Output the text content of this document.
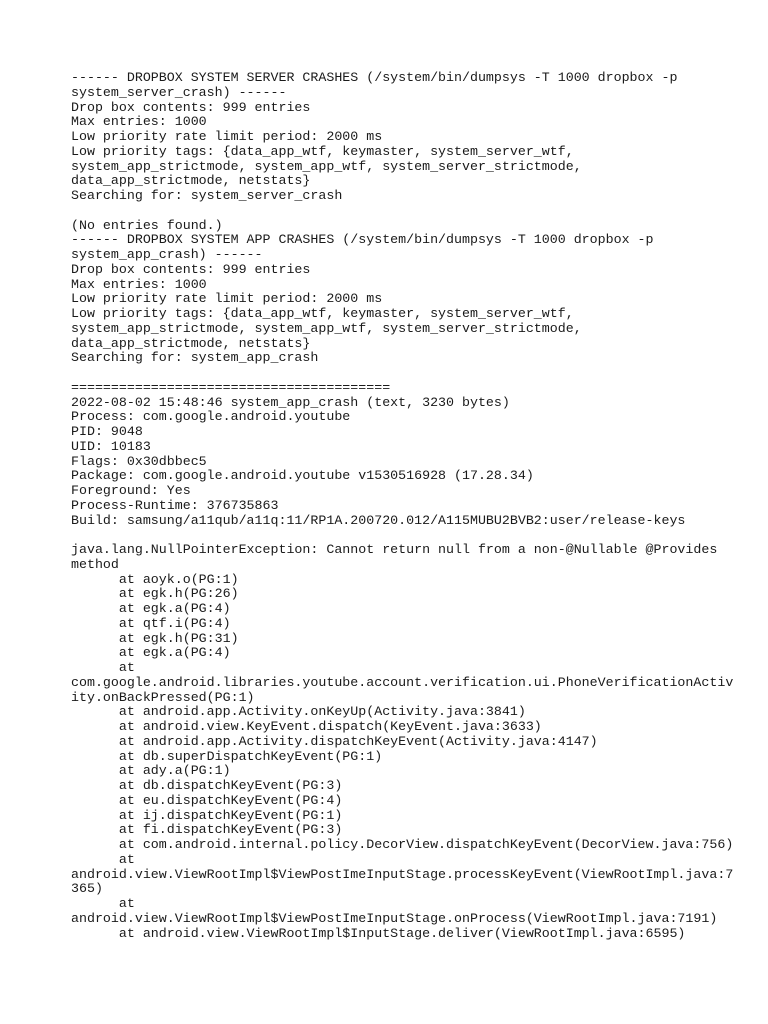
------ DROPBOX SYSTEM SERVER CRASHES (/system/bin/dumpsys -T 1000 dropbox -p
system_server_crash) ------
Drop box contents: 999 entries
Max entries: 1000
Low priority rate limit period: 2000 ms
Low priority tags: {data_app_wtf, keymaster, system_server_wtf,
system_app_strictmode, system_app_wtf, system_server_strictmode,
data_app_strictmode, netstats}
Searching for: system_server_crash
(No entries found.)
------ DROPBOX SYSTEM APP CRASHES (/system/bin/dumpsys -T 1000 dropbox -p
system_app_crash) ------
Drop box contents: 999 entries
Max entries: 1000
Low priority rate limit period: 2000 ms
Low priority tags: {data_app_wtf, keymaster, system_server_wtf,
system_app_strictmode, system_app_wtf, system_server_strictmode,
data_app_strictmode, netstats}
Searching for: system_app_crash
========================================
2022-08-02 15:48:46 system_app_crash (text, 3230 bytes)
Process: com.google.android.youtube
PID: 9048
UID: 10183
Flags: 0x30dbbec5
Package: com.google.android.youtube v1530516928 (17.28.34)
Foreground: Yes
Process-Runtime: 376735863
Build: samsung/a11qub/a11q:11/RP1A.200720.012/A115MUBU2BVB2:user/release-keys
java.lang.NullPointerException: Cannot return null from a non-@Nullable @Provides
method
at aoyk.o(PG:1)
at egk.h(PG:26)
at egk.a(PG:4)
at qtf.i(PG:4)
at egk.h(PG:31)
at egk.a(PG:4)
at
com.google.android.libraries.youtube.account.verification.ui.PhoneVerificationActiv
ity.onBackPressed(PG:1)
at android.app.Activity.onKeyUp(Activity.java:3841)
at android.view.KeyEvent.dispatch(KeyEvent.java:3633)
at android.app.Activity.dispatchKeyEvent(Activity.java:4147)
at db.superDispatchKeyEvent(PG:1)
at ady.a(PG:1)
at db.dispatchKeyEvent(PG:3)
at eu.dispatchKeyEvent(PG:4)
at ij.dispatchKeyEvent(PG:1)
at fi.dispatchKeyEvent(PG:3)
at com.android.internal.policy.DecorView.dispatchKeyEvent(DecorView.java:756)
at
android.view.ViewRootImpl$ViewPostImeInputStage.processKeyEvent(ViewRootImpl.java:7
365)
at
android.view.ViewRootImpl$ViewPostImeInputStage.onProcess(ViewRootImpl.java:7191)
at android.view.ViewRootImpl$InputStage.deliver(ViewRootImpl.java:6595)
